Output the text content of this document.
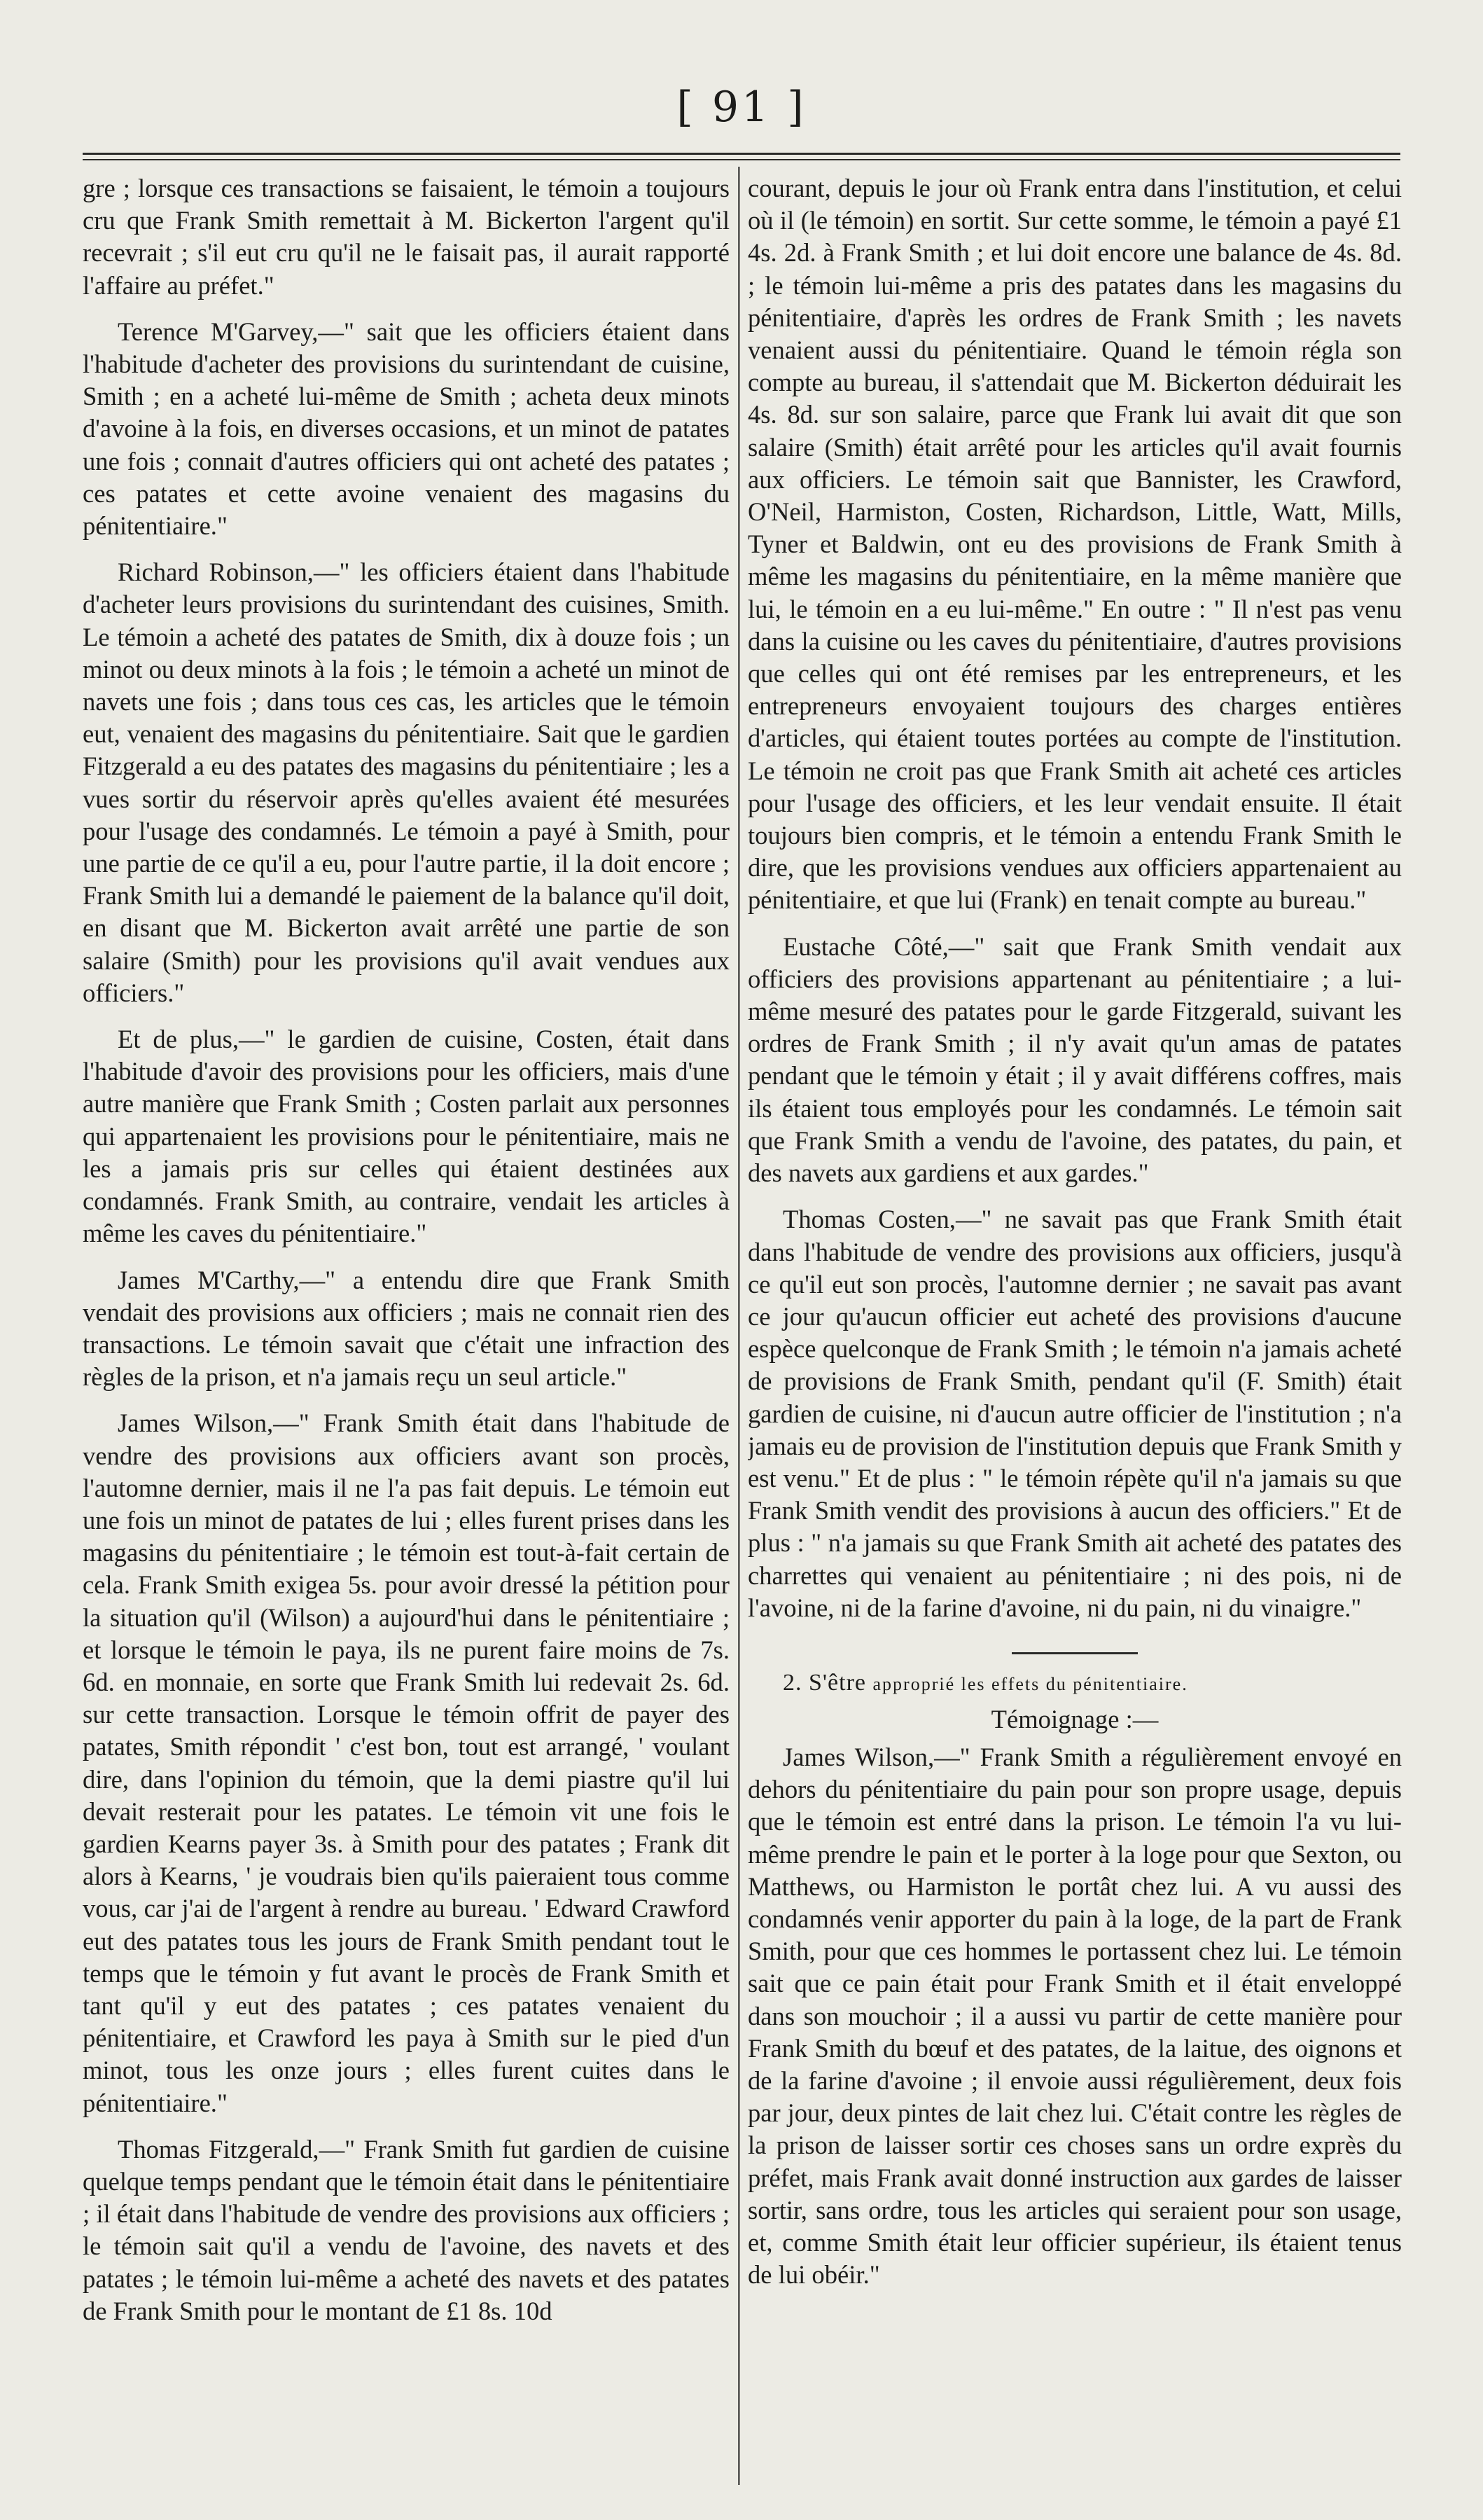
[ 91 ]

gre ; lorsque ces transactions se faisaient, le témoin a toujours cru que Frank Smith remettait à M. Bickerton l'argent qu'il recevrait ; s'il eut cru qu'il ne le faisait pas, il aurait rapporté l'affaire au préfet."

Terence M'Garvey,—" sait que les officiers étaient dans l'habitude d'acheter des provisions du surintendant de cuisine, Smith ; en a acheté lui-même de Smith ; acheta deux minots d'avoine à la fois, en diverses occasions, et un minot de patates une fois ; connait d'autres officiers qui ont acheté des patates ; ces patates et cette avoine venaient des magasins du pénitentiaire."

Richard Robinson,—" les officiers étaient dans l'habitude d'acheter leurs provisions du surintendant des cuisines, Smith. Le témoin a acheté des patates de Smith, dix à douze fois ; un minot ou deux minots à la fois ; le témoin a acheté un minot de navets une fois ; dans tous ces cas, les articles que le témoin eut, venaient des magasins du pénitentiaire. Sait que le gardien Fitzgerald a eu des patates des magasins du pénitentiaire ; les a vues sortir du réservoir après qu'elles avaient été mesurées pour l'usage des condamnés. Le témoin a payé à Smith, pour une partie de ce qu'il a eu, pour l'autre partie, il la doit encore ; Frank Smith lui a demandé le paiement de la balance qu'il doit, en disant que M. Bickerton avait arrêté une partie de son salaire (Smith) pour les provisions qu'il avait vendues aux officiers."

Et de plus,—" le gardien de cuisine, Costen, était dans l'habitude d'avoir des provisions pour les officiers, mais d'une autre manière que Frank Smith ; Costen parlait aux personnes qui appartenaient les provisions pour le pénitentiaire, mais ne les a jamais pris sur celles qui étaient destinées aux condamnés. Frank Smith, au contraire, vendait les articles à même les caves du pénitentiaire."

James M'Carthy,—" a entendu dire que Frank Smith vendait des provisions aux officiers ; mais ne connait rien des transactions. Le témoin savait que c'était une infraction des règles de la prison, et n'a jamais reçu un seul article."

James Wilson,—" Frank Smith était dans l'habitude de vendre des provisions aux officiers avant son procès, l'automne dernier, mais il ne l'a pas fait depuis. Le témoin eut une fois un minot de patates de lui ; elles furent prises dans les magasins du pénitentiaire ; le témoin est tout-à-fait certain de cela. Frank Smith exigea 5s. pour avoir dressé la pétition pour la situation qu'il (Wilson) a aujourd'hui dans le pénitentiaire ; et lorsque le témoin le paya, ils ne purent faire moins de 7s. 6d. en monnaie, en sorte que Frank Smith lui redevait 2s. 6d. sur cette transaction. Lorsque le témoin offrit de payer des patates, Smith répondit ' c'est bon, tout est arrangé, ' voulant dire, dans l'opinion du témoin, que la demi piastre qu'il lui devait resterait pour les patates. Le témoin vit une fois le gardien Kearns payer 3s. à Smith pour des patates ; Frank dit alors à Kearns, ' je voudrais bien qu'ils paieraient tous comme vous, car j'ai de l'argent à rendre au bureau. ' Edward Crawford eut des patates tous les jours de Frank Smith pendant tout le temps que le témoin y fut avant le procès de Frank Smith et tant qu'il y eut des patates ; ces patates venaient du pénitentiaire, et Crawford les paya à Smith sur le pied d'un minot, tous les onze jours ; elles furent cuites dans le pénitentiaire."

Thomas Fitzgerald,—" Frank Smith fut gardien de cuisine quelque temps pendant que le témoin était dans le pénitentiaire ; il était dans l'habitude de vendre des provisions aux officiers ; le témoin sait qu'il a vendu de l'avoine, des navets et des patates ; le témoin lui-même a acheté des navets et des patates de Frank Smith pour le montant de £1 8s. 10d

courant, depuis le jour où Frank entra dans l'institution, et celui où il (le témoin) en sortit. Sur cette somme, le témoin a payé £1 4s. 2d. à Frank Smith ; et lui doit encore une balance de 4s. 8d. ; le témoin lui-même a pris des patates dans les magasins du pénitentiaire, d'après les ordres de Frank Smith ; les navets venaient aussi du pénitentiaire. Quand le témoin régla son compte au bureau, il s'attendait que M. Bickerton déduirait les 4s. 8d. sur son salaire, parce que Frank lui avait dit que son salaire (Smith) était arrêté pour les articles qu'il avait fournis aux officiers. Le témoin sait que Bannister, les Crawford, O'Neil, Harmiston, Costen, Richardson, Little, Watt, Mills, Tyner et Baldwin, ont eu des provisions de Frank Smith à même les magasins du pénitentiaire, en la même manière que lui, le témoin en a eu lui-même." En outre : " Il n'est pas venu dans la cuisine ou les caves du pénitentiaire, d'autres provisions que celles qui ont été remises par les entrepreneurs, et les entrepreneurs envoyaient toujours des charges entières d'articles, qui étaient toutes portées au compte de l'institution. Le témoin ne croit pas que Frank Smith ait acheté ces articles pour l'usage des officiers, et les leur vendait ensuite. Il était toujours bien compris, et le témoin a entendu Frank Smith le dire, que les provisions vendues aux officiers appartenaient au pénitentiaire, et que lui (Frank) en tenait compte au bureau."

Eustache Côté,—" sait que Frank Smith vendait aux officiers des provisions appartenant au pénitentiaire ; a lui-même mesuré des patates pour le garde Fitzgerald, suivant les ordres de Frank Smith ; il n'y avait qu'un amas de patates pendant que le témoin y était ; il y avait différens coffres, mais ils étaient tous employés pour les condamnés. Le témoin sait que Frank Smith a vendu de l'avoine, des patates, du pain, et des navets aux gardiens et aux gardes."

Thomas Costen,—" ne savait pas que Frank Smith était dans l'habitude de vendre des provisions aux officiers, jusqu'à ce qu'il eut son procès, l'automne dernier ; ne savait pas avant ce jour qu'aucun officier eut acheté des provisions d'aucune espèce quelconque de Frank Smith ; le témoin n'a jamais acheté de provisions de Frank Smith, pendant qu'il (F. Smith) était gardien de cuisine, ni d'aucun autre officier de l'institution ; n'a jamais eu de provision de l'institution depuis que Frank Smith y est venu." Et de plus : " le témoin répète qu'il n'a jamais su que Frank Smith vendit des provisions à aucun des officiers." Et de plus : " n'a jamais su que Frank Smith ait acheté des patates des charrettes qui venaient au pénitentiaire ; ni des pois, ni de l'avoine, ni de la farine d'avoine, ni du pain, ni du vinaigre."

2. S'être approprié les effets du pénitentiaire.

Témoignage :—

James Wilson,—" Frank Smith a régulièrement envoyé en dehors du pénitentiaire du pain pour son propre usage, depuis que le témoin est entré dans la prison. Le témoin l'a vu lui-même prendre le pain et le porter à la loge pour que Sexton, ou Matthews, ou Harmiston le portât chez lui. A vu aussi des condamnés venir apporter du pain à la loge, de la part de Frank Smith, pour que ces hommes le portassent chez lui. Le témoin sait que ce pain était pour Frank Smith et il était enveloppé dans son mouchoir ; il a aussi vu partir de cette manière pour Frank Smith du bœuf et des patates, de la laitue, des oignons et de la farine d'avoine ; il envoie aussi régulièrement, deux fois par jour, deux pintes de lait chez lui. C'était contre les règles de la prison de laisser sortir ces choses sans un ordre exprès du préfet, mais Frank avait donné instruction aux gardes de laisser sortir, sans ordre, tous les articles qui seraient pour son usage, et, comme Smith était leur officier supérieur, ils étaient tenus de lui obéir."
